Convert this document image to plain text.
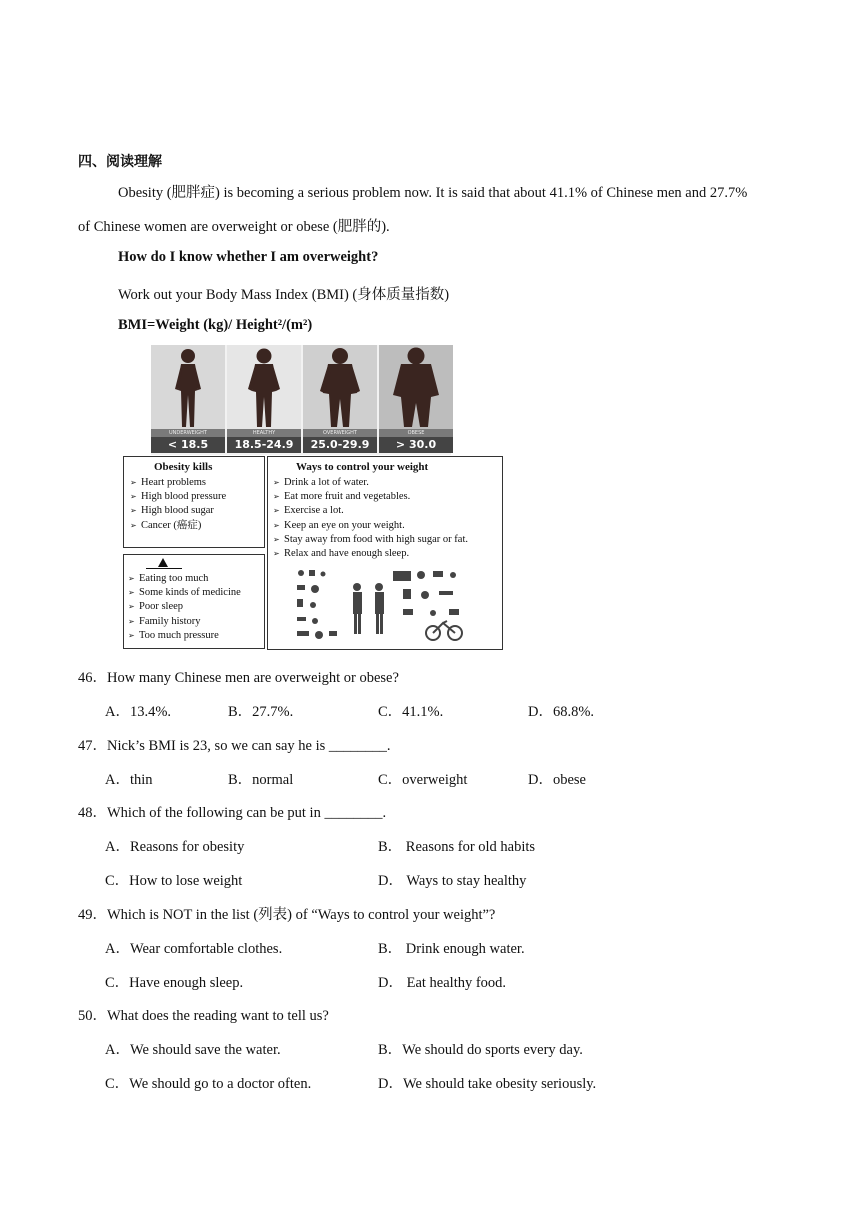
四、阅读理解
Obesity (肥胖症) is becoming a serious problem now. It is said that about 41.1% of Chinese men and 27.7%
of Chinese women are overweight or obese (肥胖的).
How do I know whether I am overweight?
Work out your Body Mass Index (BMI) (身体质量指数)
BMI=Weight (kg)/ Height²/(m²)
UNDERWEIGHT
< 18.5
HEALTHY
18.5-24.9
OVERWEIGHT
25.0-29.9
OBESE
> 30.0
Obesity kills
➢ Heart problems
➢ High blood pressure
➢ High blood sugar
➢ Cancer (癌症)
Ways to control your weight
➢ Drink a lot of water.
➢ Eat more fruit and vegetables.
➢ Exercise a lot.
➢ Keep an eye on your weight.
➢ Stay away from food with high sugar or fat.
➢ Relax and have enough sleep.
➢ Eating too much
➢ Some kinds of medicine
➢ Poor sleep
➢ Family history
➢ Too much pressure
46．How many Chinese men are overweight or obese?
A．13.4%.	B．27.7%.	C．41.1%.	D．68.8%.
47．Nick’s BMI is 23, so we can say he is ________.
A．thin	B．normal	C．overweight	D．obese
48．Which of the following can be put in ________.
A．Reasons for obesity	B． Reasons for old habits
C．How to lose weight	D． Ways to stay healthy
49．Which is NOT in the list (列表) of “Ways to control your weight”?
A．Wear comfortable clothes.	B． Drink enough water.
C．Have enough sleep.	D． Eat healthy food.
50．What does the reading want to tell us?
A．We should save the water.	B．We should do sports every day.
C．We should go to a doctor often.	D．We should take obesity seriously.
